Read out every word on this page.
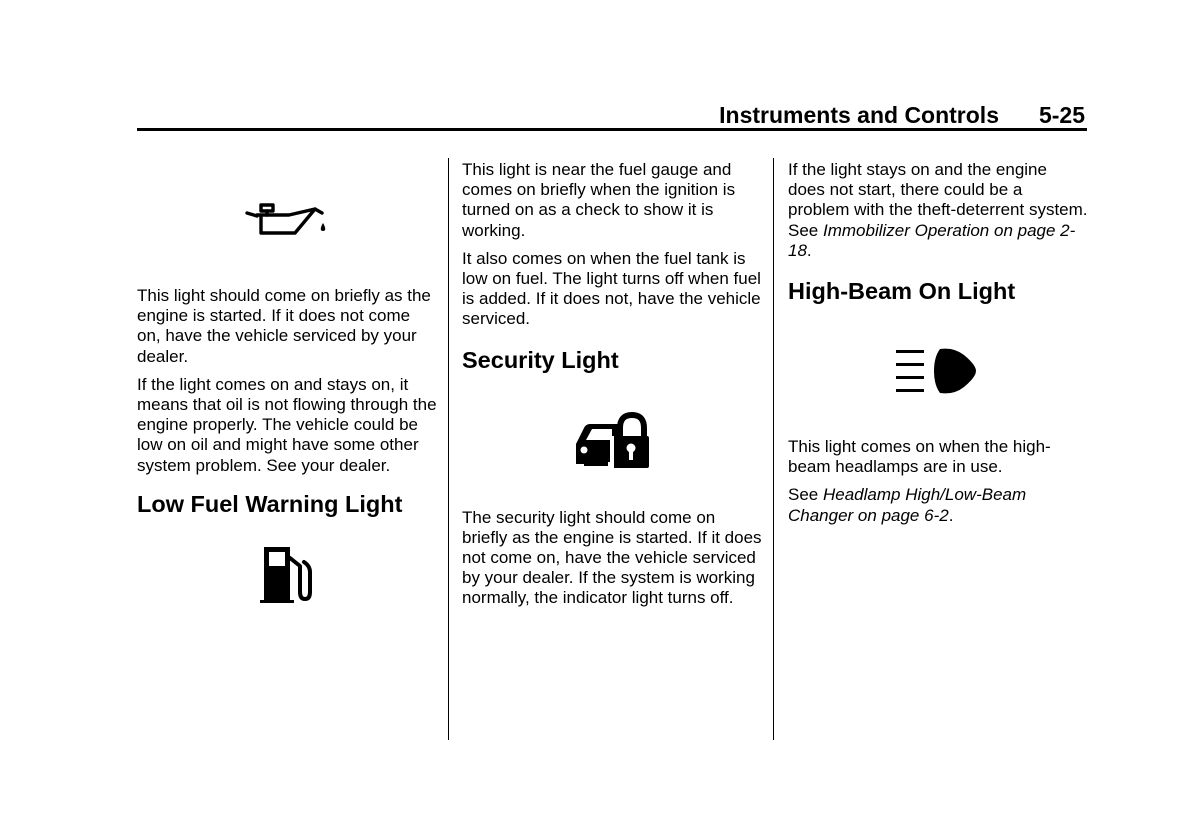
Instruments and Controls 5-25

This light should come on briefly as the engine is started. If it does not come on, have the vehicle serviced by your dealer.

If the light comes on and stays on, it means that oil is not flowing through the engine properly. The vehicle could be low on oil and might have some other system problem. See your dealer.

Low Fuel Warning Light

This light is near the fuel gauge and comes on briefly when the ignition is turned on as a check to show it is working.

It also comes on when the fuel tank is low on fuel. The light turns off when fuel is added. If it does not, have the vehicle serviced.

Security Light

The security light should come on briefly as the engine is started. If it does not come on, have the vehicle serviced by your dealer. If the system is working normally, the indicator light turns off.

If the light stays on and the engine does not start, there could be a problem with the theft-deterrent system. See Immobilizer Operation on page 2-18.

High-Beam On Light

This light comes on when the high-beam headlamps are in use.

See Headlamp High/Low-Beam Changer on page 6-2.
